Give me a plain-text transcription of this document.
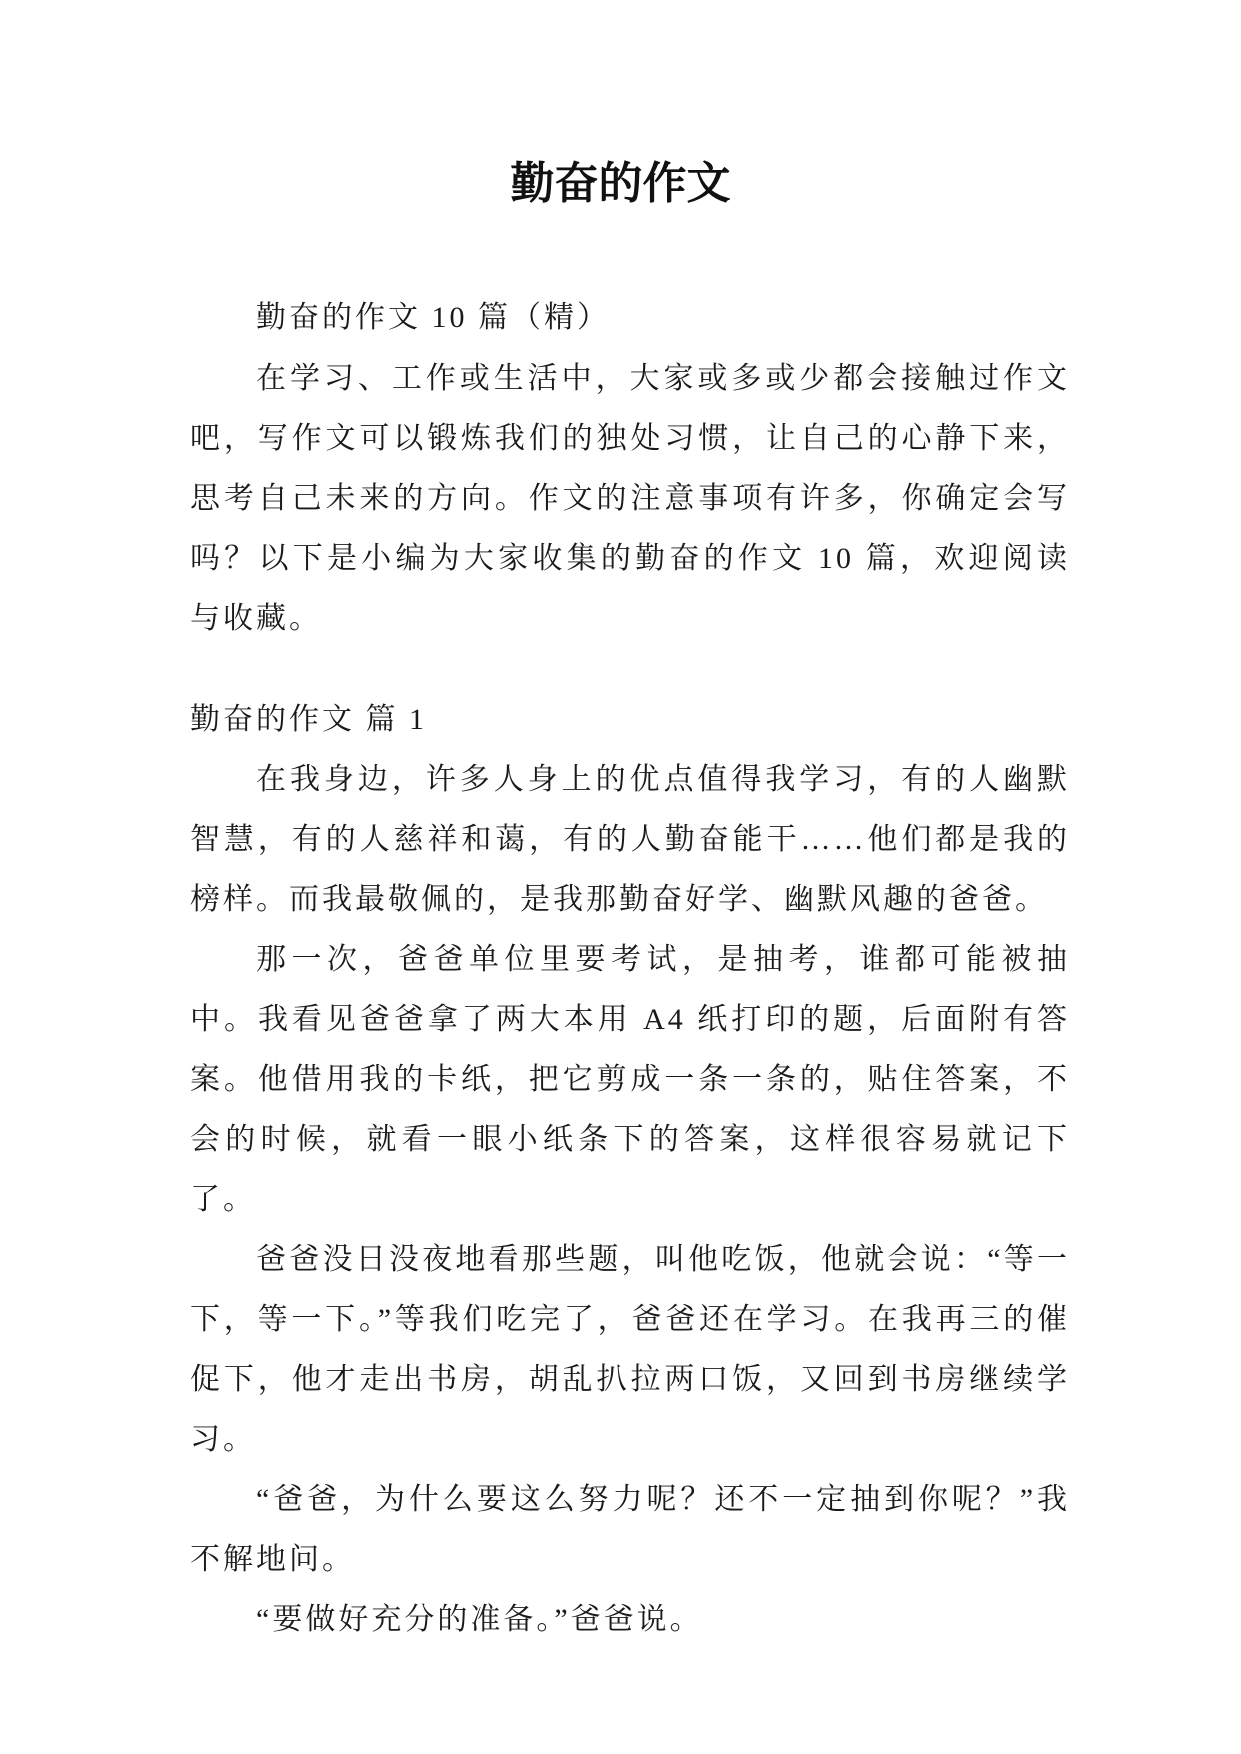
勤奋的作文

勤奋的作文 10 篇（精）

在学习、工作或生活中，大家或多或少都会接触过作文吧，写作文可以锻炼我们的独处习惯，让自己的心静下来，思考自己未来的方向。作文的注意事项有许多，你确定会写吗？以下是小编为大家收集的勤奋的作文 10 篇，欢迎阅读与收藏。

勤奋的作文 篇 1

在我身边，许多人身上的优点值得我学习，有的人幽默智慧，有的人慈祥和蔼，有的人勤奋能干……他们都是我的榜样。而我最敬佩的，是我那勤奋好学、幽默风趣的爸爸。

那一次，爸爸单位里要考试，是抽考，谁都可能被抽中。我看见爸爸拿了两大本用 A4 纸打印的题，后面附有答案。他借用我的卡纸，把它剪成一条一条的，贴住答案，不会的时候，就看一眼小纸条下的答案，这样很容易就记下了。

爸爸没日没夜地看那些题，叫他吃饭，他就会说：“等一下，等一下。”等我们吃完了，爸爸还在学习。在我再三的催促下，他才走出书房，胡乱扒拉两口饭，又回到书房继续学习。

“爸爸，为什么要这么努力呢？还不一定抽到你呢？”我不解地问。

“要做好充分的准备。”爸爸说。
